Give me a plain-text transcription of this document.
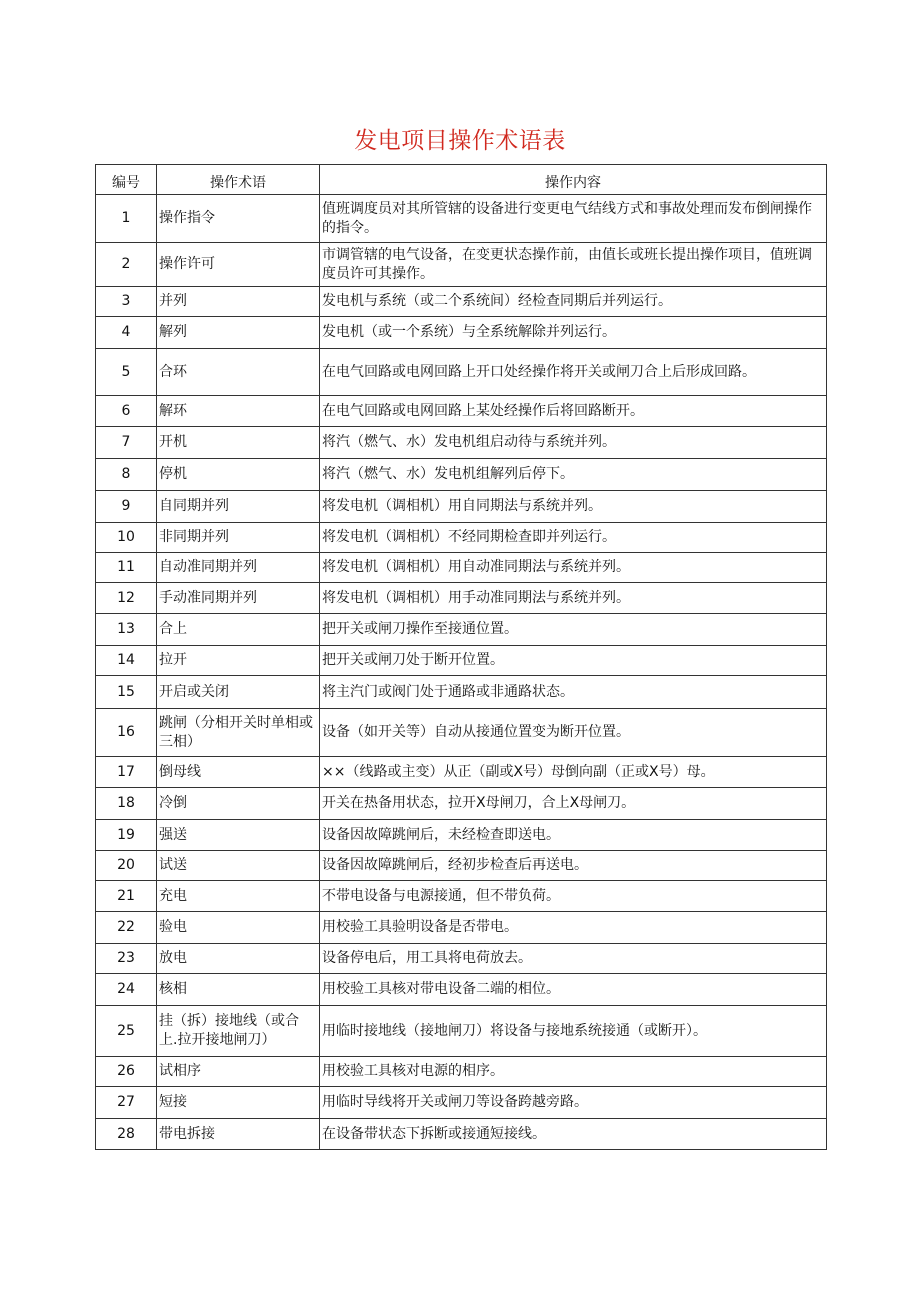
发电项目操作术语表
编号	操作术语	操作内容
1	操作指令	值班调度员对其所管辖的设备进行变更电气结线方式和事故处理而发布倒闸操作的指令。
2	操作许可	市调管辖的电气设备，在变更状态操作前，由值长或班长提出操作项目，值班调度员许可其操作。
3	并列	发电机与系统（或二个系统间）经检查同期后并列运行。
4	解列	发电机（或一个系统）与全系统解除并列运行。
5	合环	在电气回路或电网回路上开口处经操作将开关或闸刀合上后形成回路。
6	解环	在电气回路或电网回路上某处经操作后将回路断开。
7	开机	将汽（燃气、水）发电机组启动待与系统并列。
8	停机	将汽（燃气、水）发电机组解列后停下。
9	自同期并列	将发电机（调相机）用自同期法与系统并列。
10	非同期并列	将发电机（调相机）不经同期检查即并列运行。
11	自动准同期并列	将发电机（调相机）用自动准同期法与系统并列。
12	手动准同期并列	将发电机（调相机）用手动准同期法与系统并列。
13	合上	把开关或闸刀操作至接通位置。
14	拉开	把开关或闸刀处于断开位置。
15	开启或关闭	将主汽门或阀门处于通路或非通路状态。
16	跳闸（分相开关时单相或三相）	设备（如开关等）自动从接通位置变为断开位置。
17	倒母线	××（线路或主变）从正（副或X号）母倒向副（正或X号）母。
18	冷倒	开关在热备用状态，拉开X母闸刀，合上X母闸刀。
19	强送	设备因故障跳闸后，未经检查即送电。
20	试送	设备因故障跳闸后，经初步检查后再送电。
21	充电	不带电设备与电源接通，但不带负荷。
22	验电	用校验工具验明设备是否带电。
23	放电	设备停电后，用工具将电荷放去。
24	核相	用校验工具核对带电设备二端的相位。
25	挂（拆）接地线（或合上.拉开接地闸刀）	用临时接地线（接地闸刀）将设备与接地系统接通（或断开）。
26	试相序	用校验工具核对电源的相序。
27	短接	用临时导线将开关或闸刀等设备跨越旁路。
28	带电拆接	在设备带状态下拆断或接通短接线。
